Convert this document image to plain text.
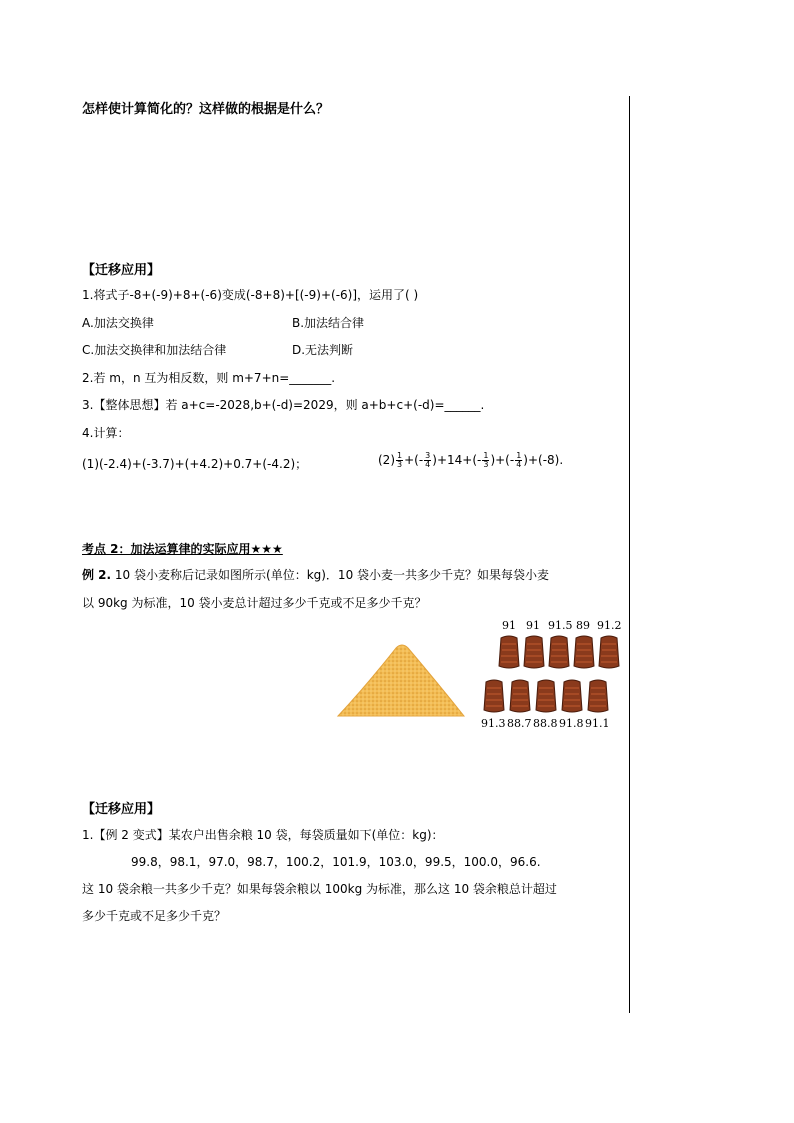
怎样使计算简化的？这样做的根据是什么？
【迁移应用】
1.将式子-8+(-9)+8+(-6)变成(-8+8)+[(-9)+(-6)]，运用了( )
A.加法交换律	B.加法结合律
C.加法交换律和加法结合律	D.无法判断
2.若 m，n 互为相反数，则 m+7+n=_______.
3.【整体思想】若 a+c=-2028,b+(-d)=2029，则 a+b+c+(-d)=______.
4.计算：
(1)(-2.4)+(-3.7)+(+4.2)+0.7+(-4.2)；	$(2) \frac{1}{3}$ +(- $\frac{3}{4} )+14+(- \frac{1}{3}$ )+(- $\frac{1}{4} )+(-8)$.
考点 2：加法运算律的实际应用★★★
例 2. 10 袋小麦称后记录如图所示(单位：kg)．10 袋小麦一共多少千克？如果每袋小麦
以 90kg 为标准，10 袋小麦总计超过多少千克或不足多少千克？
91 91 91.5 89 91.2
91.3 88.7 88.8 91.8 91.1
【迁移应用】
1.【例 2 变式】某农户出售余粮 10 袋，每袋质量如下(单位：kg)：
99.8，98.1，97.0，98.7，100.2，101.9，103.0，99.5，100.0，96.6.
这 10 袋余粮一共多少千克？如果每袋余粮以 100kg 为标准，那么这 10 袋余粮总计超过
多少千克或不足多少千克？
